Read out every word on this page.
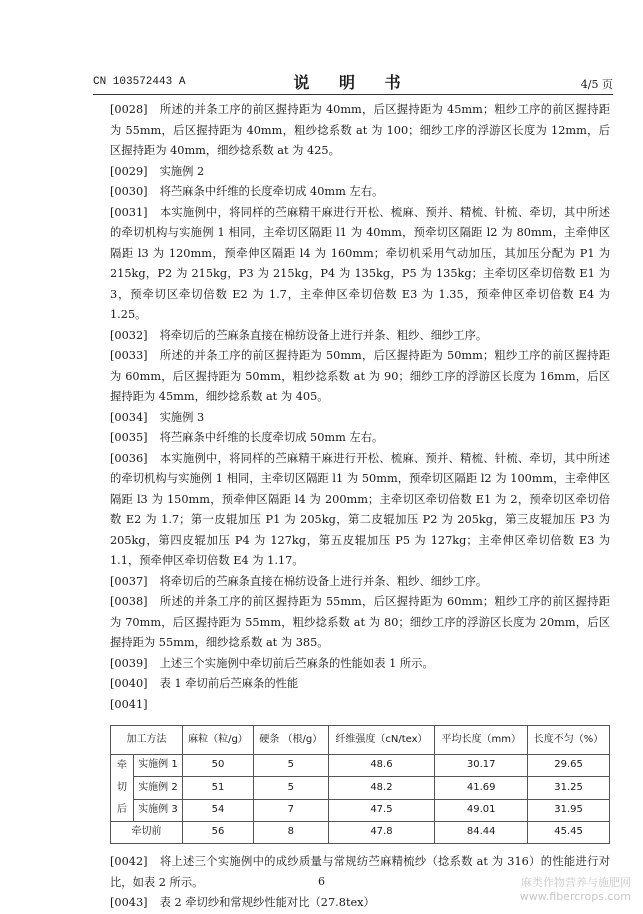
CN 103572443 A	说 明 书	4/5 页

[0028] 所述的并条工序的前区握持距为 40mm，后区握持距为 45mm；粗纱工序的前区握持距为 55mm，后区握持距为 40mm，粗纱捻系数 at 为 100；细纱工序的浮游区长度为 12mm，后区握持距为 40mm，细纱捻系数 at 为 425。

[0029] 实施例 2

[0030] 将苎麻条中纤维的长度牵切成 40mm 左右。

[0031] 本实施例中，将同样的苎麻精干麻进行开松、梳麻、预并、精梳、针梳、牵切，其中所述的牵切机构与实施例 1 相同，主牵切区隔距 l1 为 40mm，预牵切区隔距 l2 为 80mm，主牵伸区隔距 l3 为 120mm，预牵伸区隔距 l4 为 160mm；牵切机采用气动加压，其加压分配为 P1 为 215kg，P2 为 215kg，P3 为 215kg，P4 为 135kg，P5 为 135kg；主牵切区牵切倍数 E1 为 3，预牵切区牵切倍数 E2 为 1.7，主牵伸区牵切倍数 E3 为 1.35，预牵伸区牵切倍数 E4 为 1.25。

[0032] 将牵切后的苎麻条直接在棉纺设备上进行并条、粗纱、细纱工序。

[0033] 所述的并条工序的前区握持距为 50mm，后区握持距为 50mm；粗纱工序的前区握持距为 60mm，后区握持距为 50mm，粗纱捻系数 at 为 90；细纱工序的浮游区长度为 16mm，后区握持距为 45mm，细纱捻系数 at 为 405。

[0034] 实施例 3

[0035] 将苎麻条中纤维的长度牵切成 50mm 左右。

[0036] 本实施例中，将同样的苎麻精干麻进行开松、梳麻、预并、精梳、针梳、牵切，其中所述的牵切机构与实施例 1 相同，主牵切区隔距 l1 为 50mm，预牵切区隔距 l2 为 100mm，主牵伸区隔距 l3 为 150mm，预牵伸区隔距 l4 为 200mm；主牵切区牵切倍数 E1 为 2，预牵切区牵切倍数 E2 为 1.7；第一皮辊加压 P1 为 205kg，第二皮辊加压 P2 为 205kg，第三皮辊加压 P3 为 205kg，第四皮辊加压 P4 为 127kg，第五皮辊加压 P5 为 127kg；主牵伸区牵切倍数 E3 为 1.1，预牵伸区牵切倍数 E4 为 1.17。

[0037] 将牵切后的苎麻条直接在棉纺设备上进行并条、粗纱、细纱工序。

[0038] 所述的并条工序的前区握持距为 55mm，后区握持距为 60mm；粗纱工序的前区握持距为 70mm，后区握持距为 55mm，粗纱捻系数 at 为 80；细纱工序的浮游区长度为 20mm，后区握持距为 55mm，细纱捻系数 at 为 385。

[0039] 上述三个实施例中牵切前后苎麻条的性能如表 1 所示。

[0040] 表 1 牵切前后苎麻条的性能

[0041]

加工方法		麻粒（粒/g）	硬条 （根/g）	纤维强度（cN/tex）	平均长度（mm）	长度不匀（%）
牵
切
后	实施例 1	50	5	48.6	30.17	29.65
	实施例 2	51	5	48.2	41.69	31.25
	实施例 3	54	7	47.5	49.01	31.95
牵切前		56	8	47.8	84.44	45.45

[0042] 将上述三个实施例中的成纱质量与常规纺苎麻精梳纱（捻系数 at 为 316）的性能进行对比，如表 2 所示。

[0043] 表 2 牵切纱和常规纱性能对比（27.8tex）

6	麻类作物营养与施肥网
www.fibercrops.com
